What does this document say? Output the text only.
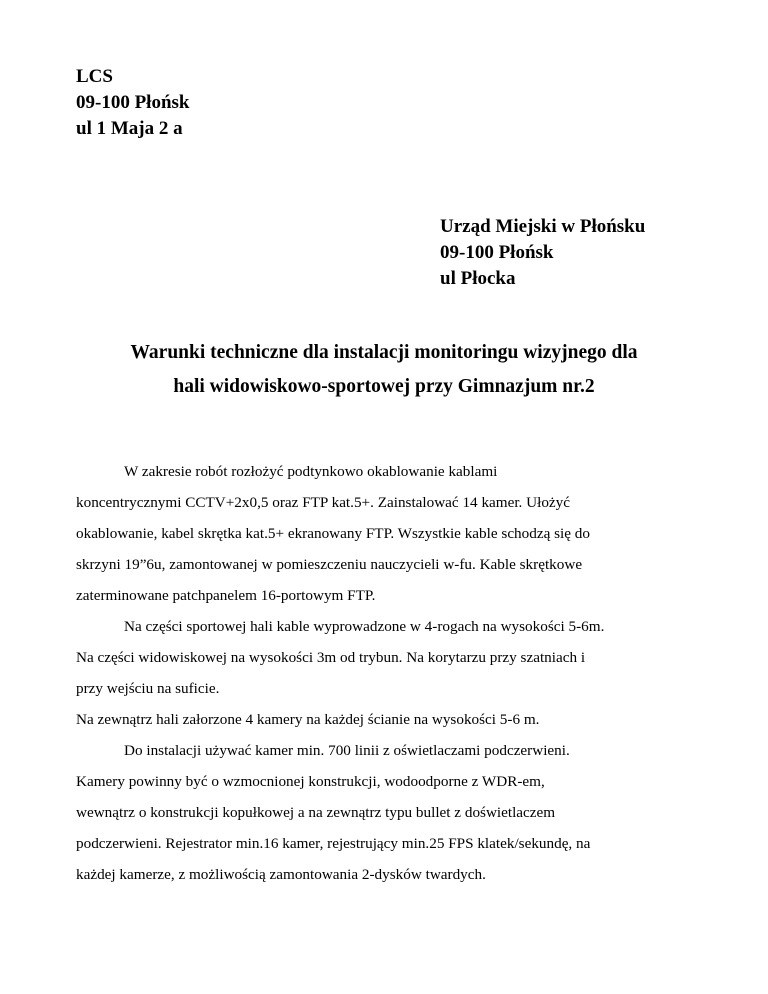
LCS
09-100 Płońsk
ul 1 Maja 2 a
Urząd Miejski w Płońsku
09-100 Płońsk
ul Płocka
Warunki techniczne dla instalacji monitoringu wizyjnego dla
hali widowiskowo-sportowej przy Gimnazjum nr.2
W zakresie robót rozłożyć podtynkowo okablowanie kablami
koncentrycznymi CCTV+2x0,5 oraz FTP kat.5+. Zainstalować 14 kamer. Ułożyć
okablowanie, kabel skrętka kat.5+ ekranowany FTP. Wszystkie kable schodzą się do
skrzyni 19”6u, zamontowanej w pomieszczeniu nauczycieli w-fu. Kable skrętkowe
zaterminowane patchpanelem 16-portowym FTP.
Na części sportowej hali kable wyprowadzone w 4-rogach na wysokości 5-6m.
Na części widowiskowej na wysokości 3m od trybun. Na korytarzu przy szatniach i
przy wejściu na suficie.
Na zewnątrz hali załorzone 4 kamery na każdej ścianie na wysokości 5-6 m.
Do instalacji używać kamer min. 700 linii z oświetlaczami podczerwieni.
Kamery powinny być o wzmocnionej konstrukcji, wodoodporne z WDR-em,
wewnątrz o konstrukcji kopułkowej a na zewnątrz typu bullet z doświetlaczem
podczerwieni. Rejestrator min.16 kamer, rejestrujący min.25 FPS klatek/sekundę, na
każdej kamerze, z możliwością zamontowania 2-dysków twardych.
